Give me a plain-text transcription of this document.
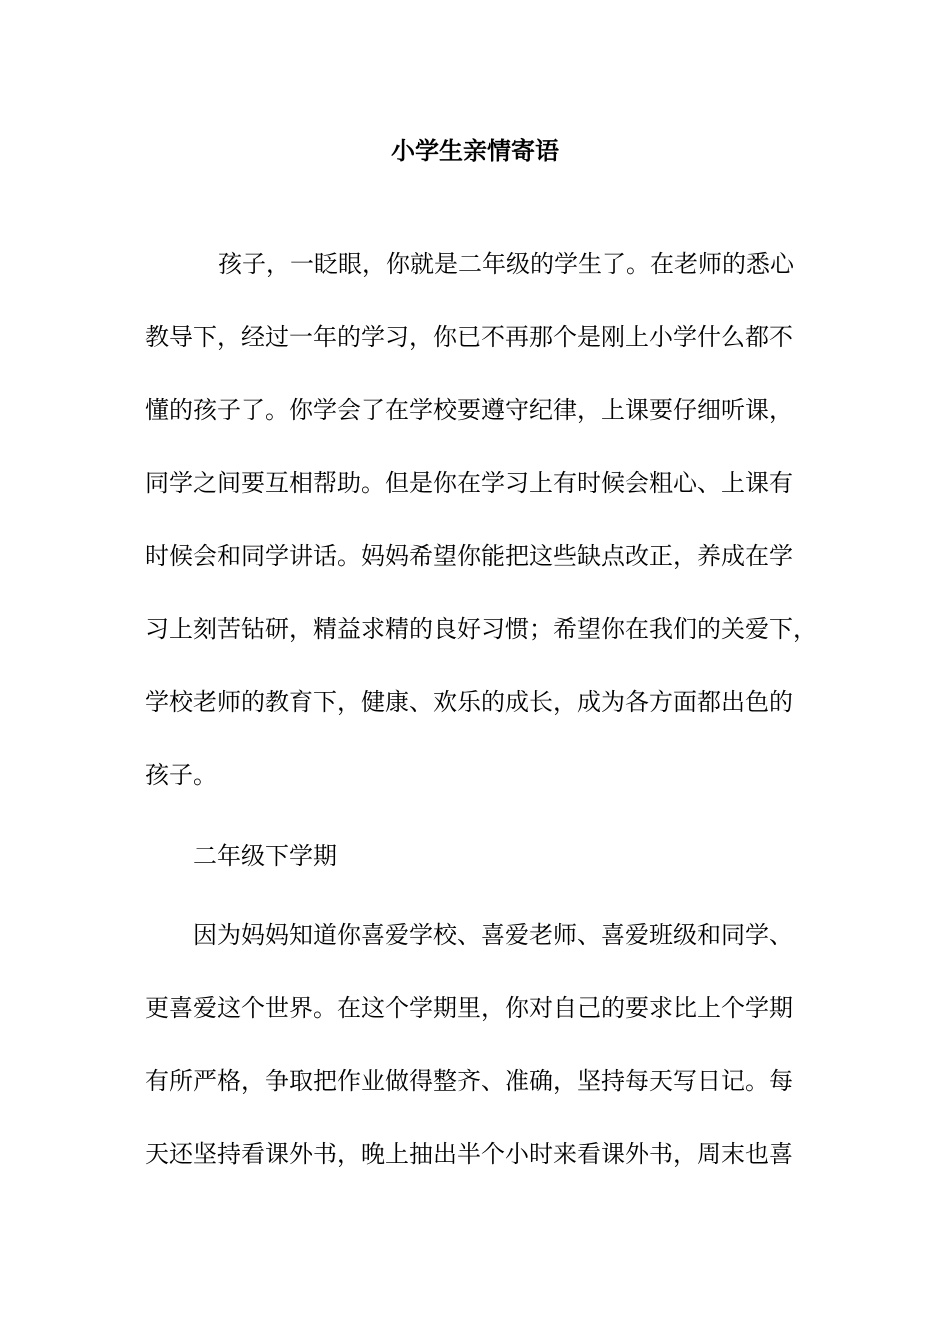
小学生亲情寄语
孩子，一眨眼，你就是二年级的学生了。在老师的悉心
教导下，经过一年的学习，你已不再那个是刚上小学什么都不
懂的孩子了。你学会了在学校要遵守纪律，上课要仔细听课，
同学之间要互相帮助。但是你在学习上有时候会粗心、上课有
时候会和同学讲话。妈妈希望你能把这些缺点改正，养成在学
习上刻苦钻研，精益求精的良好习惯；希望你在我们的关爱下，
学校老师的教育下，健康、欢乐的成长，成为各方面都出色的
孩子。
二年级下学期
因为妈妈知道你喜爱学校、喜爱老师、喜爱班级和同学、
更喜爱这个世界。在这个学期里，你对自己的要求比上个学期
有所严格，争取把作业做得整齐、准确，坚持每天写日记。每
天还坚持看课外书，晚上抽出半个小时来看课外书，周末也喜
